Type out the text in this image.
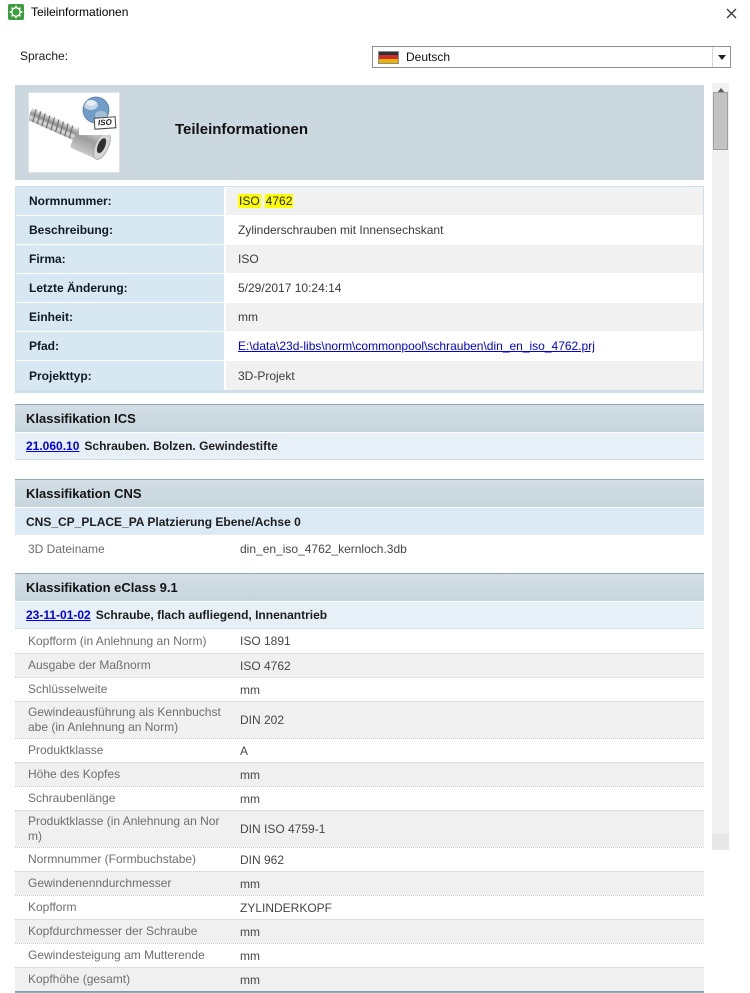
Teileinformationen
Sprache:	Deutsch
ISO	Teileinformationen
Normnummer:	ISO 4762
Beschreibung:	Zylinderschrauben mit Innensechskant
Firma:	ISO
Letzte Änderung:	5/29/2017 10:24:14
Einheit:	mm
Pfad:	E:\data\23d-libs\norm\commonpool\schrauben\din_en_iso_4762.prj
Projekttyp:	3D-Projekt
Klassifikation ICS
21.060.10 Schrauben. Bolzen. Gewindestifte
Klassifikation CNS
CNS_CP_PLACE_PA Platzierung Ebene/Achse 0
3D Dateiname	din_en_iso_4762_kernloch.3db
Klassifikation eClass 9.1
23-11-01-02 Schraube, flach aufliegend, Innenantrieb
Kopfform (in Anlehnung an Norm)	ISO 1891
Ausgabe der Maßnorm	ISO 4762
Schlüsselweite	mm
Gewindeausführung als Kennbuchstabe (in Anlehnung an Norm)	DIN 202
Produktklasse	A
Höhe des Kopfes	mm
Schraubenlänge	mm
Produktklasse (in Anlehnung an Norm)	DIN ISO 4759-1
Normnummer (Formbuchstabe)	DIN 962
Gewindenenndurchmesser	mm
Kopfform	ZYLINDERKOPF
Kopfdurchmesser der Schraube	mm
Gewindesteigung am Mutterende	mm
Kopfhöhe (gesamt)	mm
